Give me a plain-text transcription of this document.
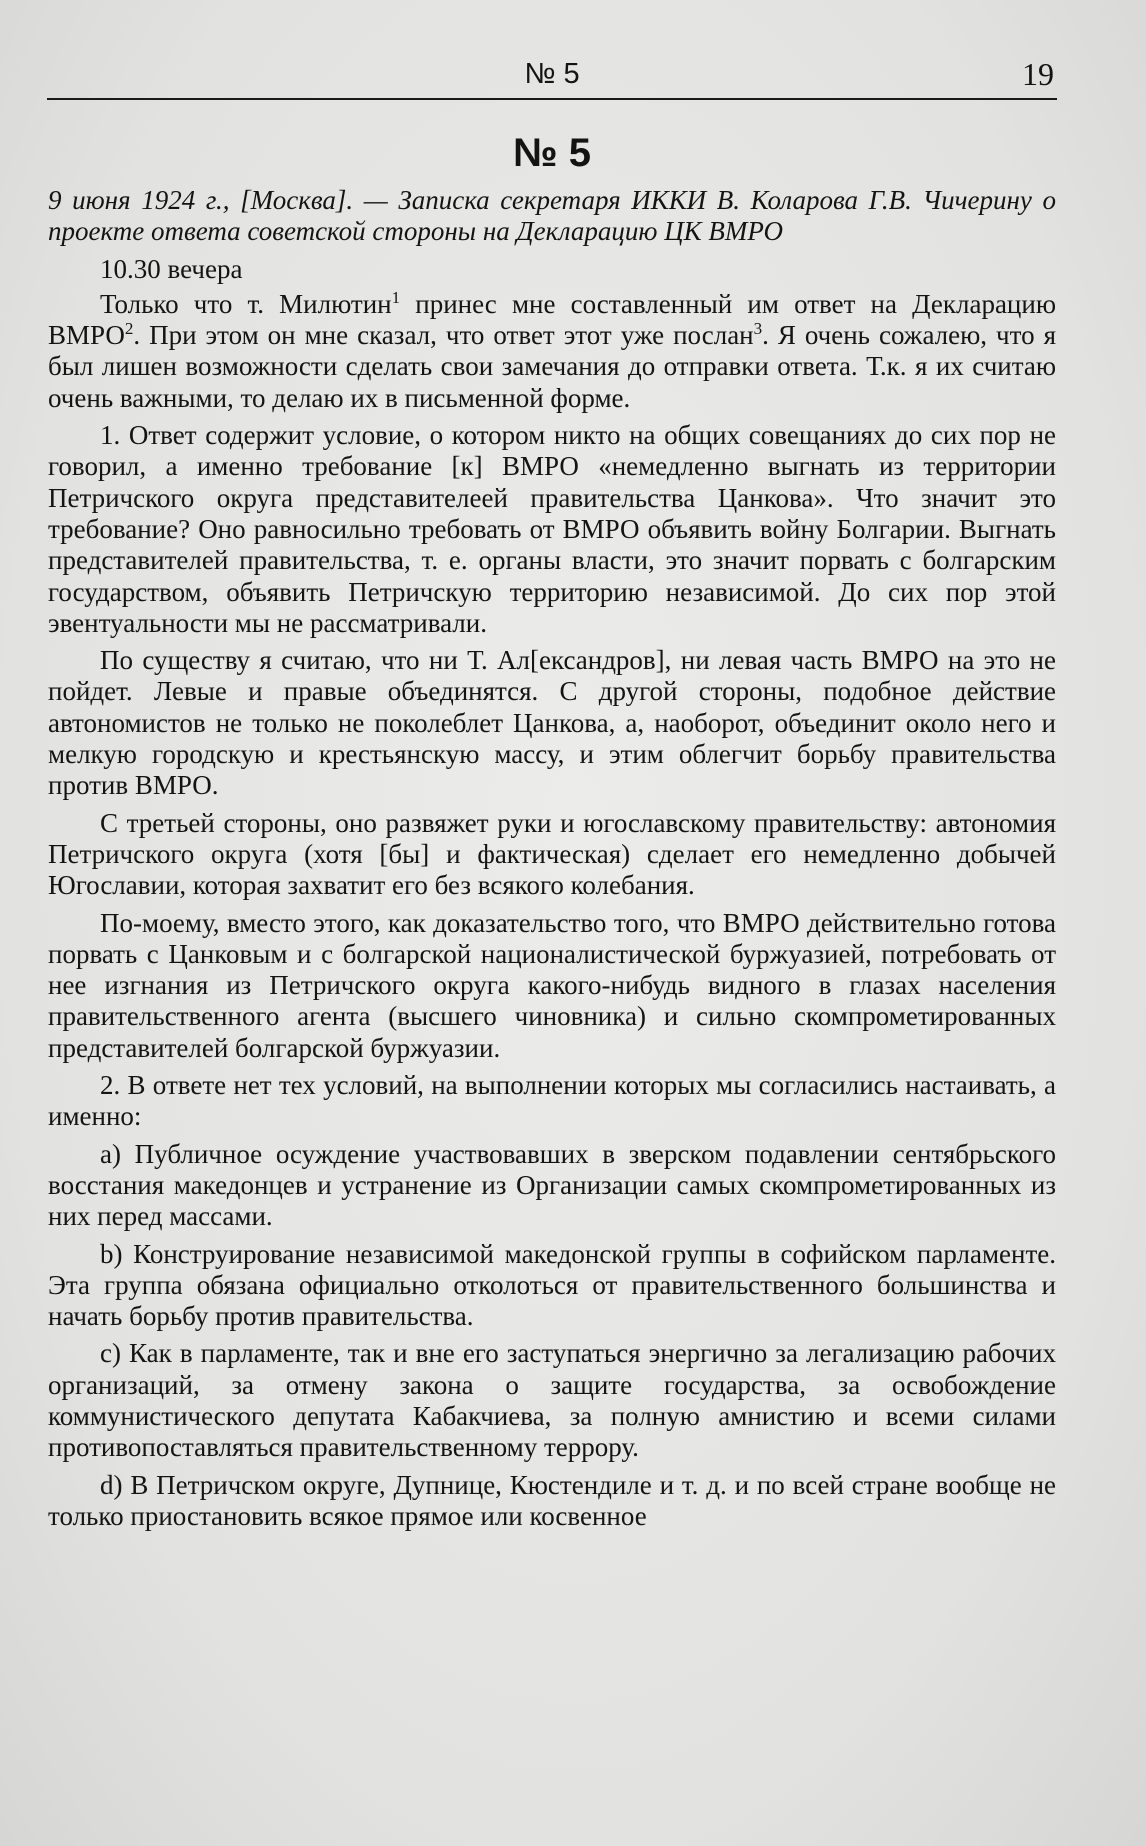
№ 5	19
№ 5

9 июня 1924 г., [Москва]. — Записка секретаря ИККИ В. Коларова Г.В. Чичерину о проекте ответа советской стороны на Декларацию ЦК ВМРО

10.30 вечера

Только что т. Милютин$^1$ принес мне составленный им ответ на Декларацию ВМРО$^2$. При этом он мне сказал, что ответ этот уже послан$^3$. Я очень сожалею, что я был лишен возможности сделать свои замечания до отправки ответа. Т.к. я их считаю очень важными, то делаю их в письменной форме.

1. Ответ содержит условие, о котором никто на общих совещаниях до сих пор не говорил, а именно требование [к] ВМРО «немедленно выгнать из территории Петричского округа представителеей правительства Цанкова». Что значит это требование? Оно равносильно требовать от ВМРО объявить войну Болгарии. Выгнать представителей правительства, т. е. органы власти, это значит порвать с болгарским государством, объявить Петричскую территорию независимой. До сих пор этой эвентуальности мы не рассматривали.

По существу я считаю, что ни Т. Ал[ександров], ни левая часть ВМРО на это не пойдет. Левые и правые объединятся. С другой стороны, подобное действие автономистов не только не поколеблет Цанкова, а, наоборот, объединит около него и мелкую городскую и крестьянскую массу, и этим облегчит борьбу правительства против ВМРО.

С третьей стороны, оно развяжет руки и югославскому правительству: автономия Петричского округа (хотя [бы] и фактическая) сделает его немедленно добычей Югославии, которая захватит его без всякого колебания.

По-моему, вместо этого, как доказательство того, что ВМРО действительно готова порвать с Цанковым и с болгарской националистической буржуазией, потребовать от нее изгнания из Петричского округа какого-нибудь видного в глазах населения правительственного агента (высшего чиновника) и сильно скомпрометированных представителей болгарской буржуазии.

2. В ответе нет тех условий, на выполнении которых мы согласились настаивать, а именно:

а) Публичное осуждение участвовавших в зверском подавлении сентябрьского восстания македонцев и устранение из Организации самых скомпрометированных из них перед массами.

b) Конструирование независимой македонской группы в софийском парламенте. Эта группа обязана официально отколоться от правительственного большинства и начать борьбу против правительства.

c) Как в парламенте, так и вне его заступаться энергично за легализацию рабочих организаций, за отмену закона о защите государства, за освобождение коммунистического депутата Кабакчиева, за полную амнистию и всеми силами противопоставляться правительственному террору.

d) В Петричском округе, Дупнице, Кюстендиле и т. д. и по всей стране вообще не только приостановить всякое прямое или косвенное
